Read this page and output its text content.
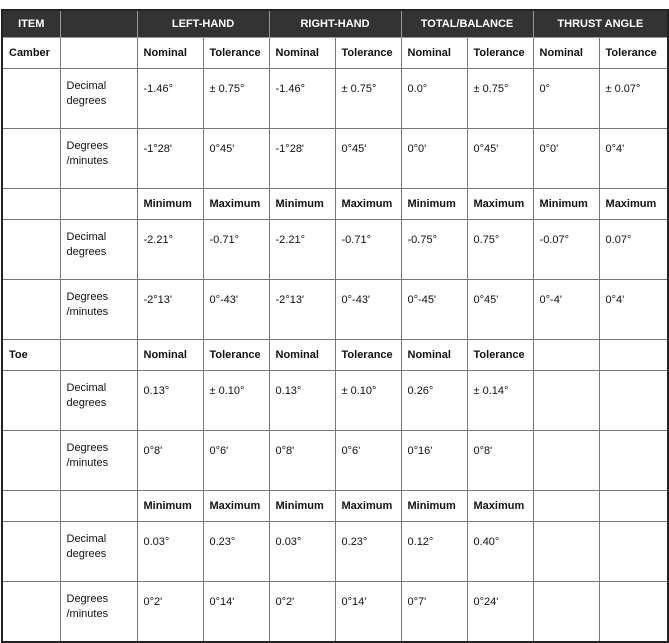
ITEM		LEFT-HAND		RIGHT-HAND		TOTAL/BALANCE		THRUST ANGLE	
Camber		Nominal	Tolerance	Nominal	Tolerance	Nominal	Tolerance	Nominal	Tolerance
	Decimal degrees	-1.46°	± 0.75°	-1.46°	± 0.75°	0.0°	± 0.75°	0°	± 0.07°
	Degrees /minutes	-1°28'	0°45'	-1°28'	0°45'	0°0'	0°45'	0°0'	0°4'
		Minimum	Maximum	Minimum	Maximum	Minimum	Maximum	Minimum	Maximum
	Decimal degrees	-2.21°	-0.71°	-2.21°	-0.71°	-0.75°	0.75°	-0.07°	0.07°
	Degrees /minutes	-2°13'	0°-43'	-2°13'	0°-43'	0°-45'	0°45'	0°-4'	0°4'
Toe		Nominal	Tolerance	Nominal	Tolerance	Nominal	Tolerance		
	Decimal degrees	0.13°	± 0.10°	0.13°	± 0.10°	0.26°	± 0.14°		
	Degrees /minutes	0°8'	0°6'	0°8'	0°6'	0°16'	0°8'		
		Minimum	Maximum	Minimum	Maximum	Minimum	Maximum		
	Decimal degrees	0.03°	0.23°	0.03°	0.23°	0.12°	0.40°		
	Degrees /minutes	0°2'	0°14'	0°2'	0°14'	0°7'	0°24'		
